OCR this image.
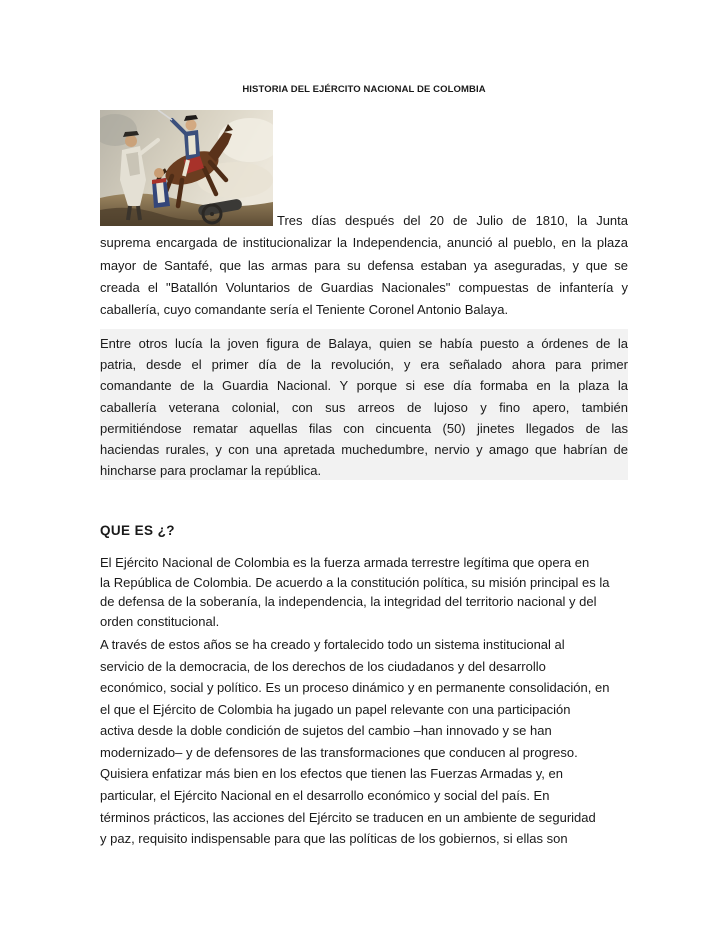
HISTORIA DEL EJÉRCITO NACIONAL DE COLOMBIA
Tres días después del 20 de Julio de 1810, la Junta
suprema encargada de institucionalizar la Independencia, anunció al pueblo, en la plaza
mayor de Santafé, que las armas para su defensa estaban ya aseguradas, y que se
creada el "Batallón Voluntarios de Guardias Nacionales" compuestas de infantería y
caballería, cuyo comandante sería el Teniente Coronel Antonio Balaya.
Entre otros lucía la joven figura de Balaya, quien se había puesto a órdenes de la
patria, desde el primer día de la revolución, y era señalado ahora para primer
comandante de la Guardia Nacional. Y porque si ese día formaba en la plaza la
caballería veterana colonial, con sus arreos de lujoso y fino apero, también
permitiéndose rematar aquellas filas con cincuenta (50) jinetes llegados de las
haciendas rurales, y con una apretada muchedumbre, nervio y amago que habrían de
hincharse para proclamar la república.
QUE ES ¿?
El Ejército Nacional de Colombia es la fuerza armada terrestre legítima que opera en
la República de Colombia. De acuerdo a la constitución política, su misión principal es la
de defensa de la soberanía, la independencia, la integridad del territorio nacional y del
orden constitucional.
A través de estos años se ha creado y fortalecido todo un sistema institucional al
servicio de la democracia, de los derechos de los ciudadanos y del desarrollo
económico, social y político. Es un proceso dinámico y en permanente consolidación, en
el que el Ejército de Colombia ha jugado un papel relevante con una participación
activa desde la doble condición de sujetos del cambio –han innovado y se han
modernizado– y de defensores de las transformaciones que conducen al progreso.
Quisiera enfatizar más bien en los efectos que tienen las Fuerzas Armadas y, en
particular, el Ejército Nacional en el desarrollo económico y social del país. En
términos prácticos, las acciones del Ejército se traducen en un ambiente de seguridad
y paz, requisito indispensable para que las políticas de los gobiernos, si ellas son
